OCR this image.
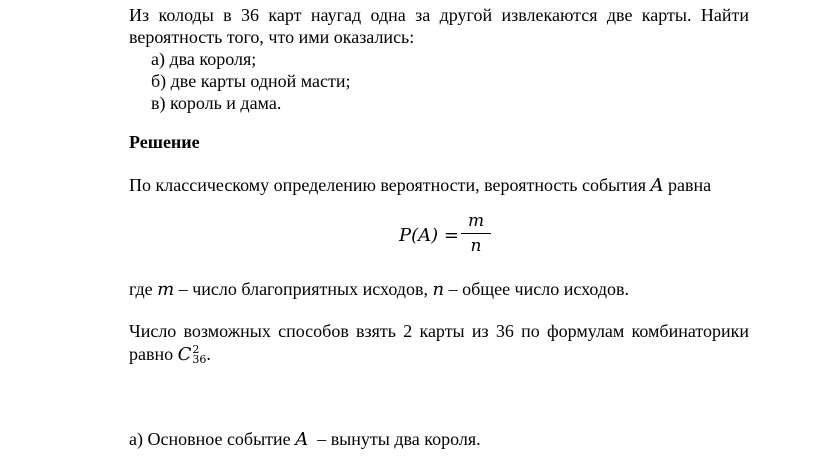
Из колоды в 36 карт наугад одна за другой извлекаются две карты. Найти
вероятность того, что ими оказались:
а) два короля;
б) две карты одной масти;
в) король и дама.
Решение
По классическому определению вероятности, вероятность события A равна
P(A) =
m
n
где m – число благоприятных исходов, n – общее число исходов.
Число возможных способов взять 2 карты из 36 по формулам комбинаторики
равно C 2
36 .
а) Основное событие A  – вынуты два короля.
